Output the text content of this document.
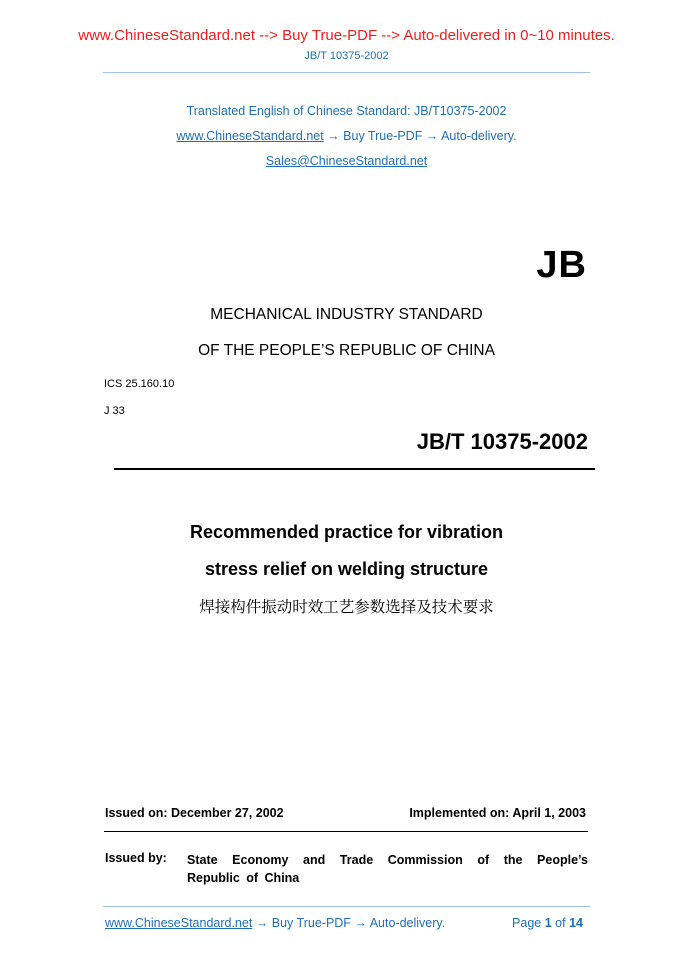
www.ChineseStandard.net --> Buy True-PDF --> Auto-delivered in 0~10 minutes.
JB/T 10375-2002
Translated English of Chinese Standard: JB/T10375-2002
www.ChineseStandard.net → Buy True-PDF → Auto-delivery.
Sales@ChineseStandard.net
JB
MECHANICAL INDUSTRY STANDARD
OF THE PEOPLE’S REPUBLIC OF CHINA
ICS 25.160.10
J 33
JB/T 10375-2002
Recommended practice for vibration
stress relief on welding structure
焊接构件振动时效工艺参数选择及技术要求
Issued on: December 27, 2002	Implemented on: April 1, 2003
Issued by: State Economy and Trade Commission of the People’s Republic of China
www.ChineseStandard.net → Buy True-PDF → Auto-delivery.	Page 1 of 14
